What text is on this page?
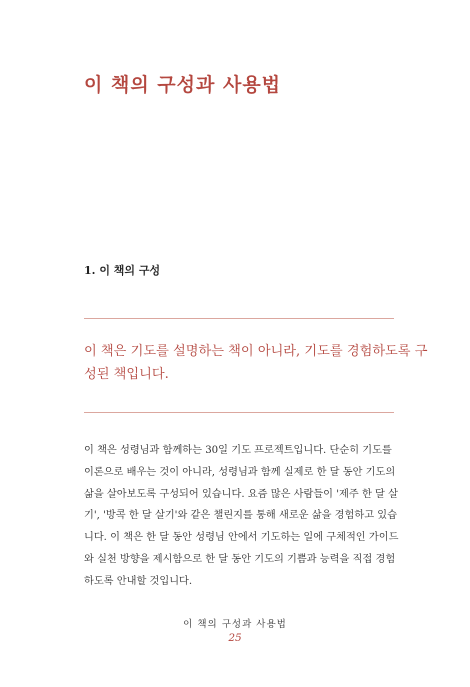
이 책의 구성과 사용법
1. 이 책의 구성
이 책은 기도를 설명하는 책이 아니라, 기도를 경험하도록 구
성된 책입니다.
이 책은 성령님과 함께하는 30일 기도 프로젝트입니다. 단순히 기도를
이론으로 배우는 것이 아니라, 성령님과 함께 실제로 한 달 동안 기도의
삶을 살아보도록 구성되어 있습니다. 요즘 많은 사람들이 '제주 한 달 살
기', '방콕 한 달 살기'와 같은 챌린지를 통해 새로운 삶을 경험하고 있습
니다. 이 책은 한 달 동안 성령님 안에서 기도하는 일에 구체적인 가이드
와 실천 방향을 제시함으로 한 달 동안 기도의 기쁨과 능력을 직접 경험
하도록 안내할 것입니다.
이 책의 구성과 사용법
25
